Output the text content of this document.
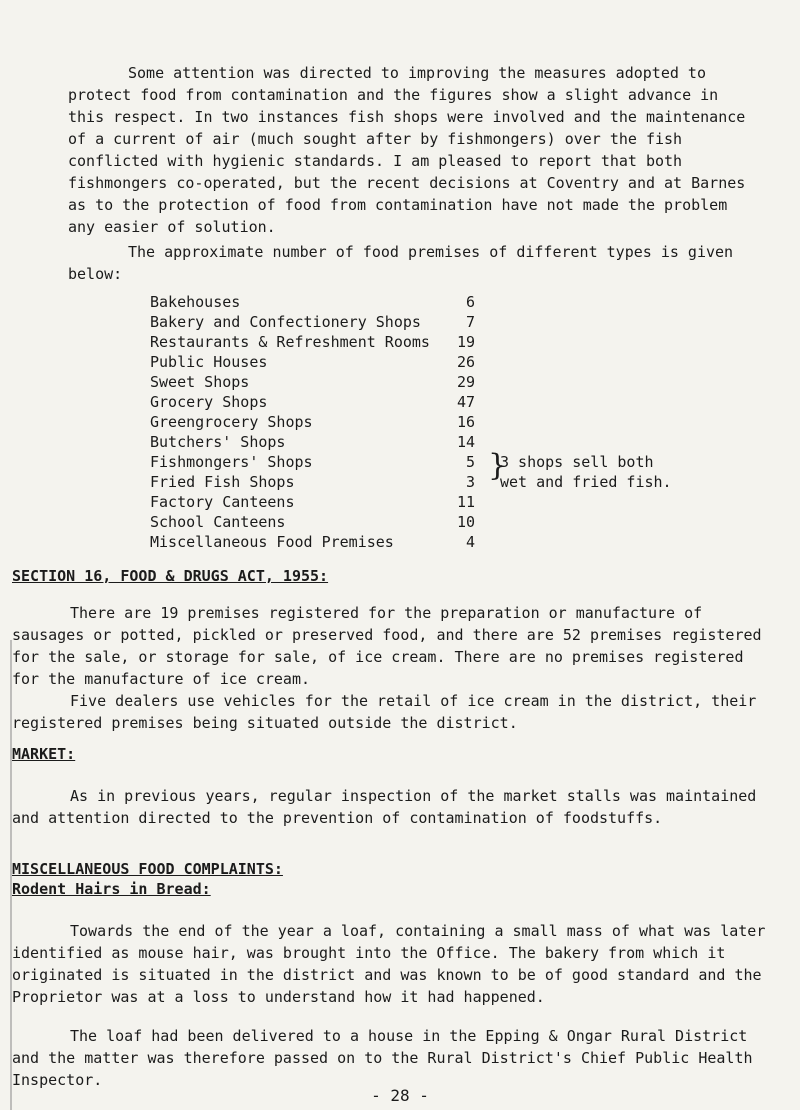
Some attention was directed to improving the measures adopted to protect food from contamination and the figures show a slight advance in this respect. In two instances fish shops were involved and the maintenance of a current of air (much sought after by fishmongers) over the fish conflicted with hygienic standards. I am pleased to report that both fishmongers co-operated, but the recent decisions at Coventry and at Barnes as to the protection of food from contamination have not made the problem any easier of solution.
The approximate number of food premises of different types is given below:
Bakehouses	6
Bakery and Confectionery Shops	7
Restaurants & Refreshment Rooms	19
Public Houses	26
Sweet Shops	29
Grocery Shops	47
Greengrocery Shops	16
Butchers' Shops	14
Fishmongers' Shops	5
Fried Fish Shops	3
Factory Canteens	11
School Canteens	10
Miscellaneous Food Premises	4
}
3 shops sell both
wet and fried fish.
SECTION 16, FOOD & DRUGS ACT, 1955:
There are 19 premises registered for the preparation or manufacture of sausages or potted, pickled or preserved food, and there are 52 premises registered for the sale, or storage for sale, of ice cream. There are no premises registered for the manufacture of ice cream.
Five dealers use vehicles for the retail of ice cream in the district, their registered premises being situated outside the district.
MARKET:
As in previous years, regular inspection of the market stalls was maintained and attention directed to the prevention of contamination of foodstuffs.
MISCELLANEOUS FOOD COMPLAINTS:
Rodent Hairs in Bread:
Towards the end of the year a loaf, containing a small mass of what was later identified as mouse hair, was brought into the Office. The bakery from which it originated is situated in the district and was known to be of good standard and the Proprietor was at a loss to understand how it had happened.
The loaf had been delivered to a house in the Epping & Ongar Rural District and the matter was therefore passed on to the Rural District's Chief Public Health Inspector.
- 28 -
